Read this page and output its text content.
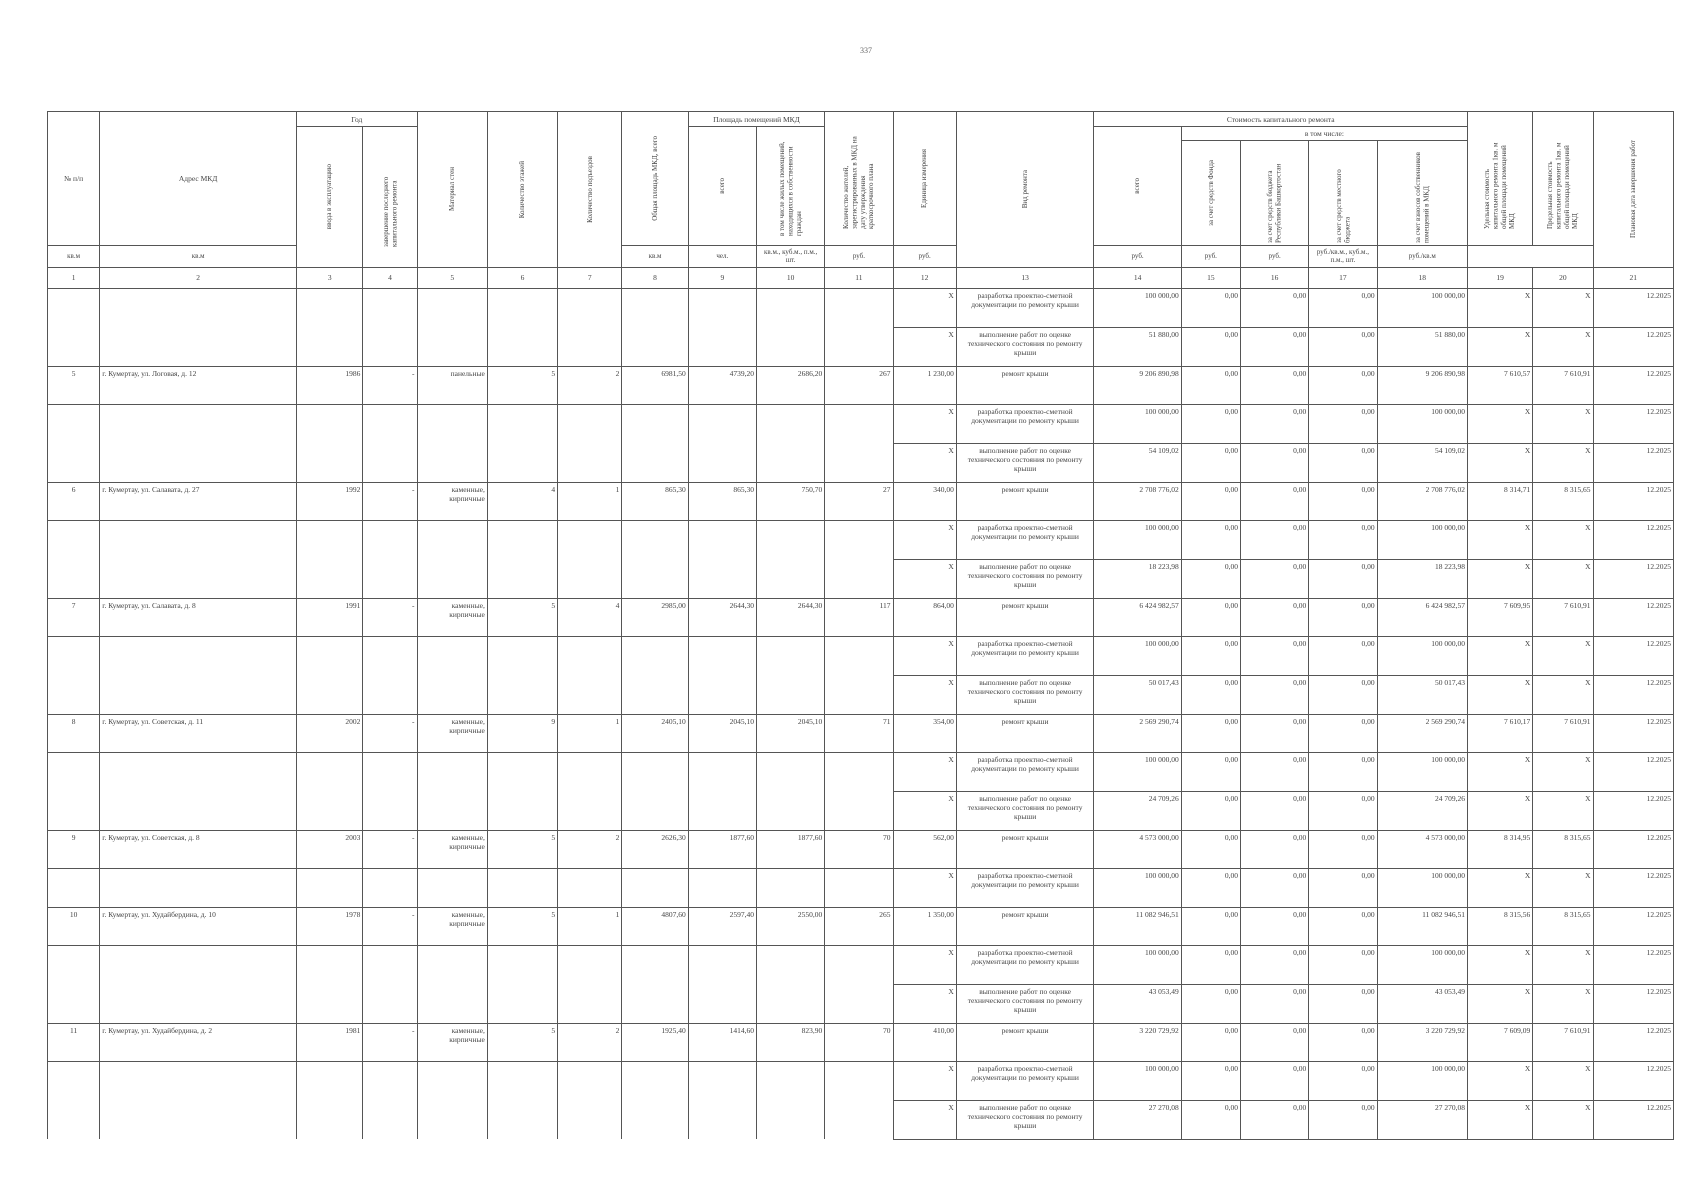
337
№ п/п	Адрес МКД	Год		Материал стен	Количество этажей	Количество подъездов	Общая площадь МКД, всего	Площадь помещений МКД		Количество жителей, зарегистрированных в МКД на дату утверждения краткосрочного плана	Единица измерения	Вид ремонта	Стоимость капитального ремонта					Удельная стоимость капитального ремонта 1кв. м общей площади помещений МКД	Предельная стоимость капитального ремонта 1кв. м общей площади помещений МКД	Плановая дата завершения работ

		ввода в эксплуатацию	завершение последнего капитального ремонта					всего	в том числе жилых помещений, находящихся в собственности граждан				всего	в том числе:						

														за счет средств Фонда	за счет средств бюджета Республики Башкортостан	за счет средств местного бюджета	за счет взносов собственников помещений в МКД			

кв.м	кв.м						кв.м	чел.	кв.м., куб.м., п.м., шт.	руб.	руб.		руб.	руб.	руб.	руб./кв.м., куб.м., п.м., шт.	руб./кв.м			
1	2	3	4	5	6	7	8	9	10	11	12	13	14	15	16	17	18	19	20	21
											X	разработка проектно-сметной документации по ремонту крыши	100 000,00	0,00	0,00	0,00	100 000,00	X	X	12.2025
											X	выполнение работ по оценке технического состояния по ремонту крыши	51 880,00	0,00	0,00	0,00	51 880,00	X	X	12.2025
5	г. Кумертау, ул. Логовая, д. 12	1986	-	панельные	5	2	6981,50	4739,20	2686,20	267	1 230,00	ремонт крыши	9 206 890,98	0,00	0,00	0,00	9 206 890,98	7 610,57	7 610,91	12.2025
											X	разработка проектно-сметной документации по ремонту крыши	100 000,00	0,00	0,00	0,00	100 000,00	X	X	12.2025
											X	выполнение работ по оценке технического состояния по ремонту крыши	54 109,02	0,00	0,00	0,00	54 109,02	X	X	12.2025
6	г. Кумертау, ул. Салавата, д. 27	1992	-	каменные, кирпичные	4	1	865,30	865,30	750,70	27	340,00	ремонт крыши	2 708 776,02	0,00	0,00	0,00	2 708 776,02	8 314,71	8 315,65	12.2025
											X	разработка проектно-сметной документации по ремонту крыши	100 000,00	0,00	0,00	0,00	100 000,00	X	X	12.2025
											X	выполнение работ по оценке технического состояния по ремонту крыши	18 223,98	0,00	0,00	0,00	18 223,98	X	X	12.2025
7	г. Кумертау, ул. Салавата, д. 8	1991	-	каменные, кирпичные	5	4	2985,00	2644,30	2644,30	117	864,00	ремонт крыши	6 424 982,57	0,00	0,00	0,00	6 424 982,57	7 609,95	7 610,91	12.2025
											X	разработка проектно-сметной документации по ремонту крыши	100 000,00	0,00	0,00	0,00	100 000,00	X	X	12.2025
											X	выполнение работ по оценке технического состояния по ремонту крыши	50 017,43	0,00	0,00	0,00	50 017,43	X	X	12.2025
8	г. Кумертау, ул. Советская, д. 11	2002	-	каменные, кирпичные	9	1	2405,10	2045,10	2045,10	71	354,00	ремонт крыши	2 569 290,74	0,00	0,00	0,00	2 569 290,74	7 610,17	7 610,91	12.2025
											X	разработка проектно-сметной документации по ремонту крыши	100 000,00	0,00	0,00	0,00	100 000,00	X	X	12.2025
											X	выполнение работ по оценке технического состояния по ремонту крыши	24 709,26	0,00	0,00	0,00	24 709,26	X	X	12.2025
9	г. Кумертау, ул. Советская, д. 8	2003	-	каменные, кирпичные	5	2	2626,30	1877,60	1877,60	70	562,00	ремонт крыши	4 573 000,00	0,00	0,00	0,00	4 573 000,00	8 314,95	8 315,65	12.2025
											X	разработка проектно-сметной документации по ремонту крыши	100 000,00	0,00	0,00	0,00	100 000,00	X	X	12.2025
10	г. Кумертау, ул. Худайбердина, д. 10	1978	-	каменные, кирпичные	5	1	4807,60	2597,40	2550,00	265	1 350,00	ремонт крыши	11 082 946,51	0,00	0,00	0,00	11 082 946,51	8 315,56	8 315,65	12.2025
											X	разработка проектно-сметной документации по ремонту крыши	100 000,00	0,00	0,00	0,00	100 000,00	X	X	12.2025
											X	выполнение работ по оценке технического состояния по ремонту крыши	43 053,49	0,00	0,00	0,00	43 053,49	X	X	12.2025
11	г. Кумертау, ул. Худайбердина, д. 2	1981	-	каменные, кирпичные	5	2	1925,40	1414,60	823,90	70	410,00	ремонт крыши	3 220 729,92	0,00	0,00	0,00	3 220 729,92	7 609,09	7 610,91	12.2025
											X	разработка проектно-сметной документации по ремонту крыши	100 000,00	0,00	0,00	0,00	100 000,00	X	X	12.2025
											X	выполнение работ по оценке технического состояния по ремонту крыши	27 270,08	0,00	0,00	0,00	27 270,08	X	X	12.2025
